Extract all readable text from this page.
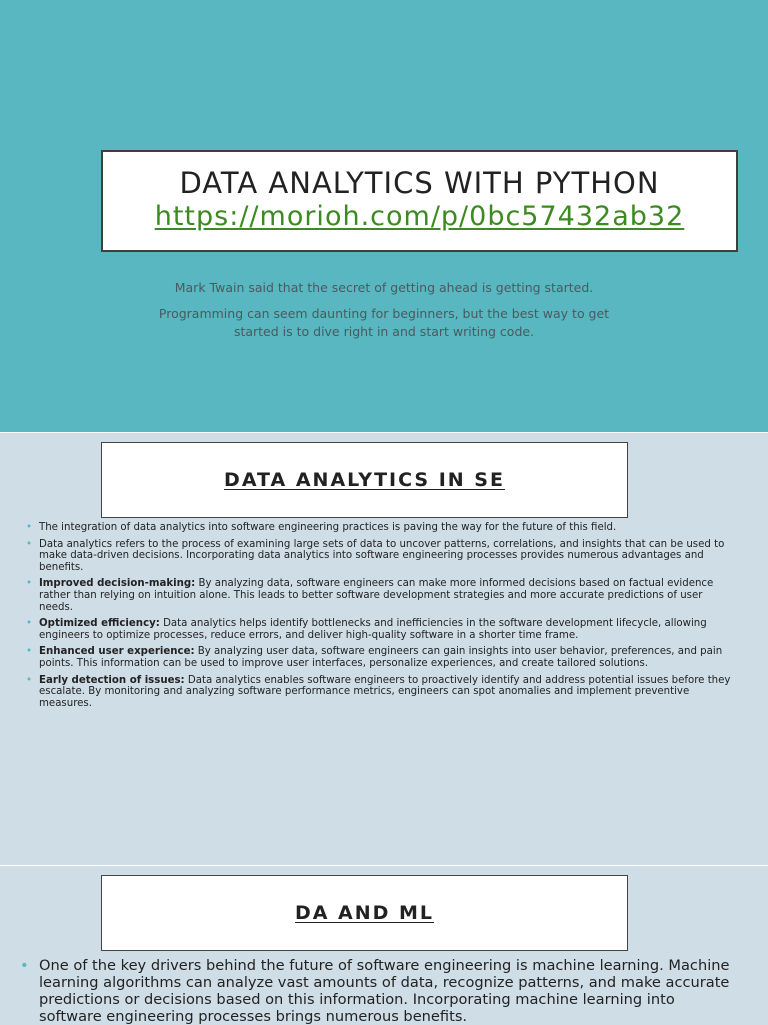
DATA ANALYTICS WITH PYTHON
https://morioh.com/p/0bc57432ab32
Mark Twain said that the secret of getting ahead is getting started.
Programming can seem daunting for beginners, but the best way to get started is to dive right in and start writing code.
DATA ANALYTICS IN SE
• The integration of data analytics into software engineering practices is paving the way for the future of this field.
• Data analytics refers to the process of examining large sets of data to uncover patterns, correlations, and insights that can be used to make data-driven decisions. Incorporating data analytics into software engineering processes provides numerous advantages and benefits.
• Improved decision-making: By analyzing data, software engineers can make more informed decisions based on factual evidence rather than relying on intuition alone. This leads to better software development strategies and more accurate predictions of user needs.
• Optimized efficiency: Data analytics helps identify bottlenecks and inefficiencies in the software development lifecycle, allowing engineers to optimize processes, reduce errors, and deliver high-quality software in a shorter time frame.
• Enhanced user experience: By analyzing user data, software engineers can gain insights into user behavior, preferences, and pain points. This information can be used to improve user interfaces, personalize experiences, and create tailored solutions.
• Early detection of issues: Data analytics enables software engineers to proactively identify and address potential issues before they escalate. By monitoring and analyzing software performance metrics, engineers can spot anomalies and implement preventive measures.
DA AND ML
• One of the key drivers behind the future of software engineering is machine learning. Machine learning algorithms can analyze vast amounts of data, recognize patterns, and make accurate predictions or decisions based on this information. Incorporating machine learning into software engineering processes brings numerous benefits.
